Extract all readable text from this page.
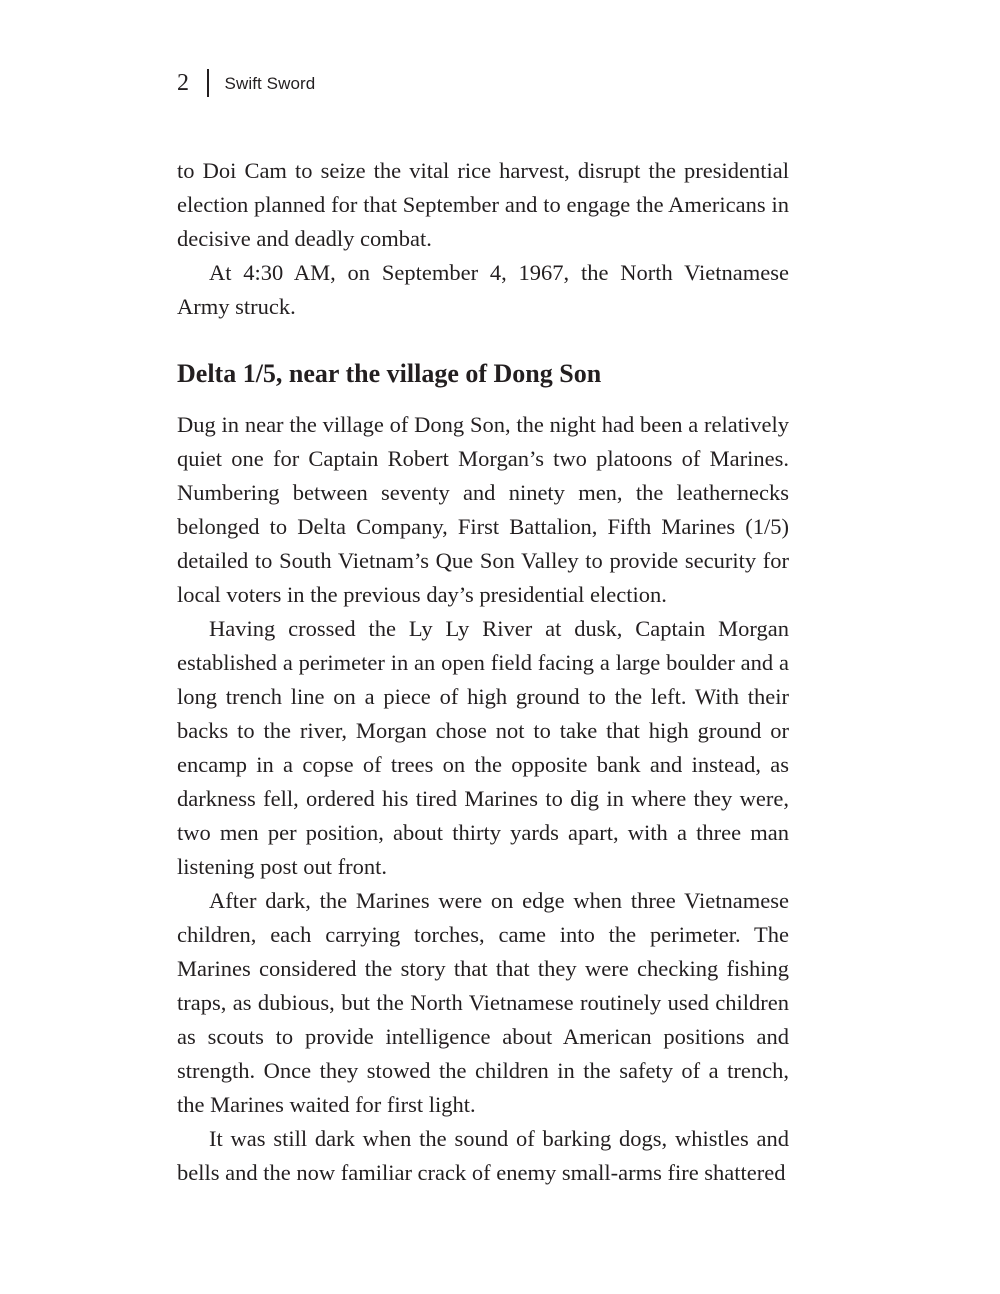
2 Swift Sword

to Doi Cam to seize the vital rice harvest, disrupt the presidential election planned for that September and to engage the Americans in decisive and deadly combat.

At 4:30 AM, on September 4, 1967, the North Vietnamese Army struck.

Delta 1/5, near the village of Dong Son

Dug in near the village of Dong Son, the night had been a relatively quiet one for Captain Robert Morgan’s two platoons of Marines. Numbering between seventy and ninety men, the leathernecks belonged to Delta Company, First Battalion, Fifth Marines (1/5) detailed to South Vietnam’s Que Son Valley to provide security for local voters in the previous day’s presidential election.

Having crossed the Ly Ly River at dusk, Captain Morgan established a perimeter in an open field facing a large boulder and a long trench line on a piece of high ground to the left. With their backs to the river, Morgan chose not to take that high ground or encamp in a copse of trees on the opposite bank and instead, as darkness fell, ordered his tired Marines to dig in where they were, two men per position, about thirty yards apart, with a three man listening post out front.

After dark, the Marines were on edge when three Vietnamese children, each carrying torches, came into the perimeter. The Marines considered the story that that they were checking fishing traps, as dubious, but the North Vietnamese routinely used children as scouts to provide intelligence about American positions and strength. Once they stowed the children in the safety of a trench, the Marines waited for first light.

It was still dark when the sound of barking dogs, whistles and bells and the now familiar crack of enemy small-arms fire shattered
